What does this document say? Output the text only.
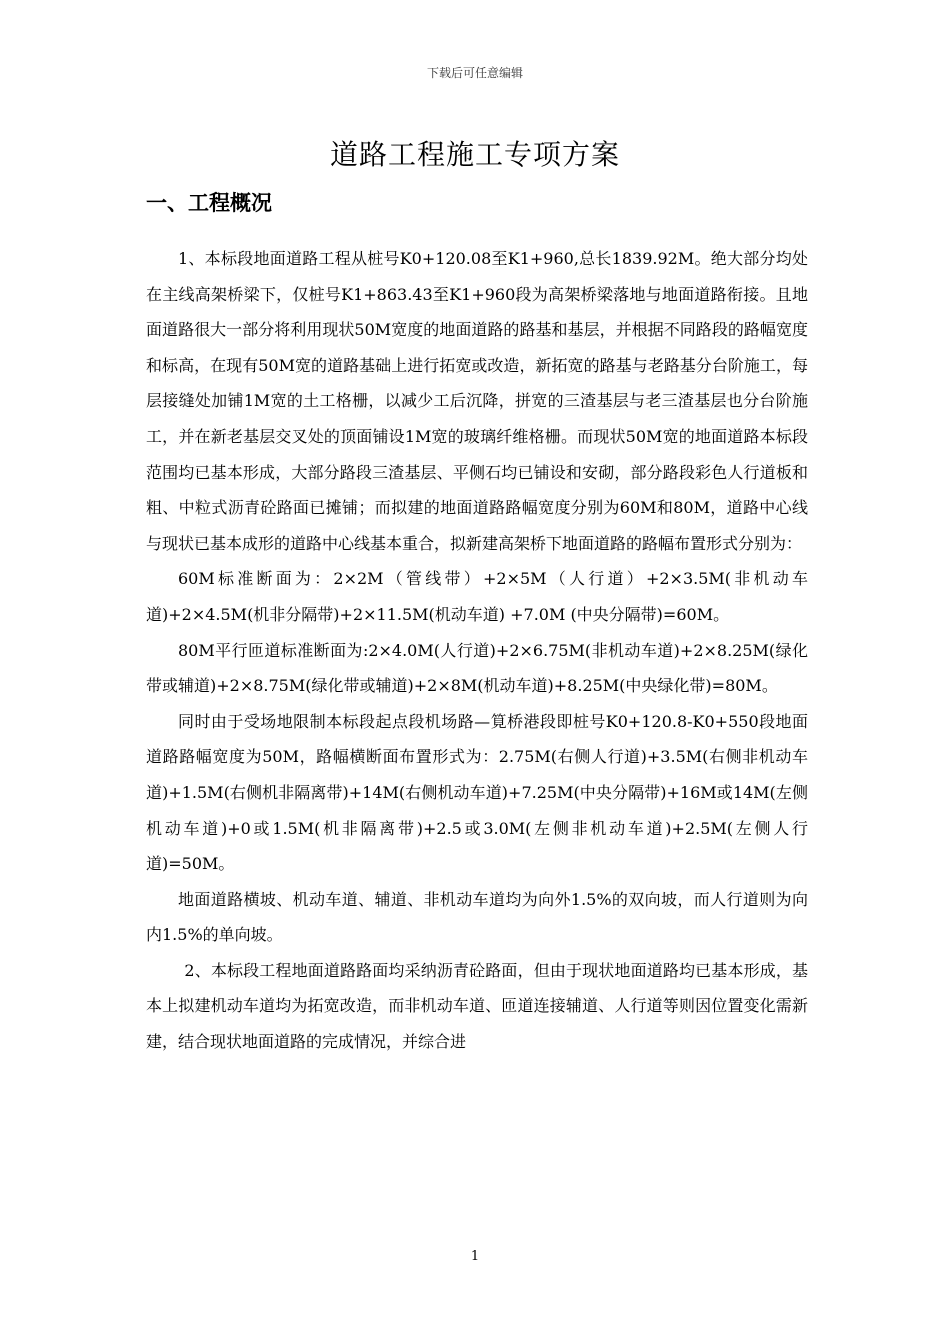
下载后可任意编辑
道路工程施工专项方案
一、工程概况

1、本标段地面道路工程从桩号K0+120.08至K1+960,总长1839.92M。绝大部分均处在主线高架桥梁下，仅桩号K1+863.43至K1+960段为高架桥梁落地与地面道路衔接。且地面道路很大一部分将利用现状50M宽度的地面道路的路基和基层，并根据不同路段的路幅宽度和标高，在现有50M宽的道路基础上进行拓宽或改造，新拓宽的路基与老路基分台阶施工，每层接缝处加铺1M宽的土工格栅，以减少工后沉降，拼宽的三渣基层与老三渣基层也分台阶施工，并在新老基层交叉处的顶面铺设1M宽的玻璃纤维格栅。而现状50M宽的地面道路本标段范围均已基本形成，大部分路段三渣基层、平侧石均已铺设和安砌，部分路段彩色人行道板和粗、中粒式沥青砼路面已摊铺；而拟建的地面道路路幅宽度分别为60M和80M，道路中心线与现状已基本成形的道路中心线基本重合，拟新建高架桥下地面道路的路幅布置形式分别为：

60M标准断面为：2×2M（管线带）+2×5M（人行道）+2×3.5M(非机动车道)+2×4.5M(机非分隔带)+2×11.5M(机动车道) +7.0M (中央分隔带)=60M。

80M平行匝道标准断面为:2×4.0M(人行道)+2×6.75M(非机动车道)+2×8.25M(绿化带或辅道)+2×8.75M(绿化带或辅道)+2×8M(机动车道)+8.25M(中央绿化带)=80M。

同时由于受场地限制本标段起点段机场路—筧桥港段即桩号K0+120.8-K0+550段地面道路路幅宽度为50M，路幅横断面布置形式为：2.75M(右侧人行道)+3.5M(右侧非机动车道)+1.5M(右侧机非隔离带)+14M(右侧机动车道)+7.25M(中央分隔带)+16M或14M(左侧机动车道)+0或1.5M(机非隔离带)+2.5或3.0M(左侧非机动车道)+2.5M(左侧人行道)=50M。

地面道路横坡、机动车道、辅道、非机动车道均为向外1.5%的双向坡，而人行道则为向内1.5%的单向坡。

2、本标段工程地面道路路面均采纳沥青砼路面，但由于现状地面道路均已基本形成，基本上拟建机动车道均为拓宽改造，而非机动车道、匝道连接辅道、人行道等则因位置变化需新建，结合现状地面道路的完成情况，并综合进

1
